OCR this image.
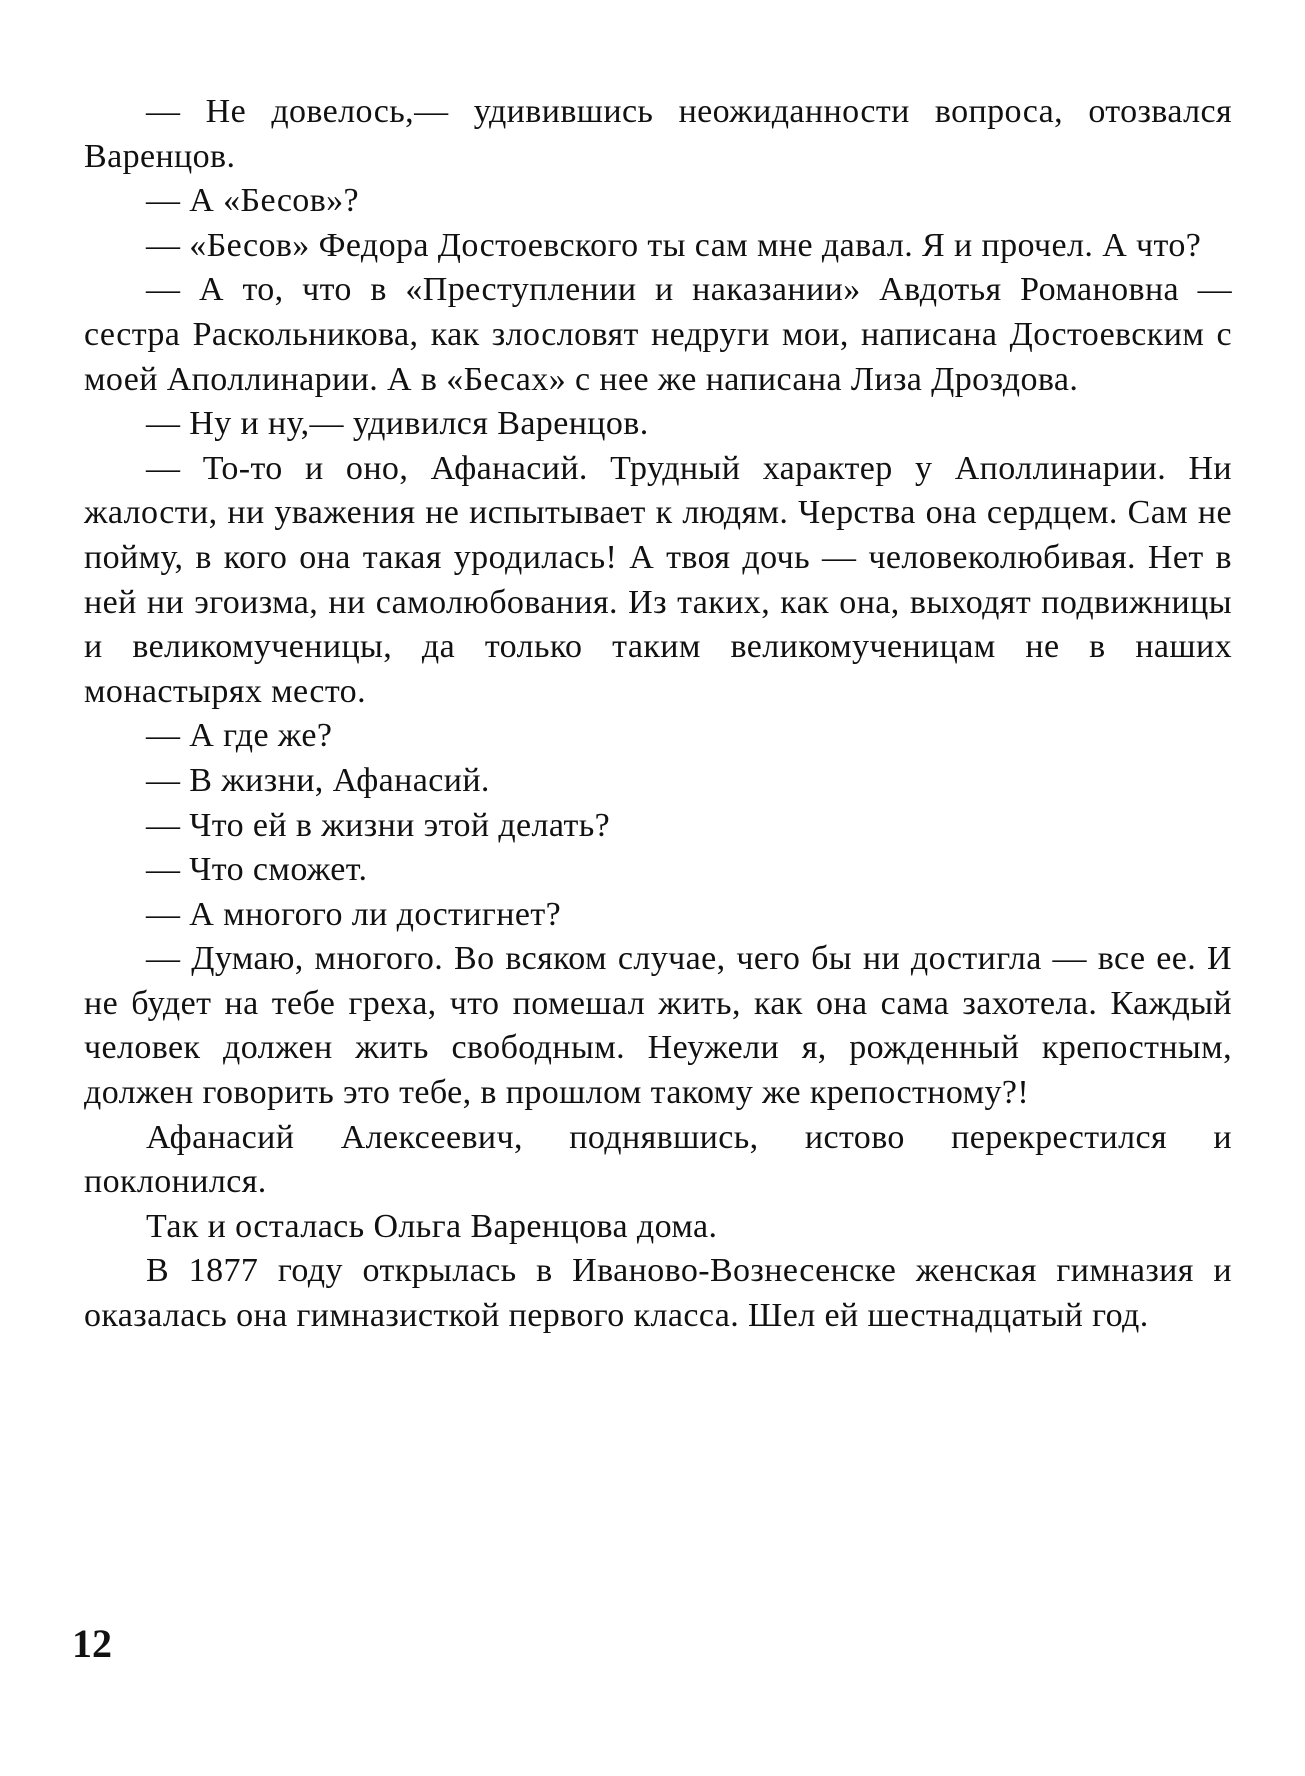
— Не довелось,— удивившись неожиданности вопроса, отозвался Варенцов.

— А «Бесов»?

— «Бесов» Федора Достоевского ты сам мне давал. Я и прочел. А что?

— А то, что в «Преступлении и наказании» Авдотья Романовна — сестра Раскольникова, как злословят недруги мои, написана Достоевским с моей Аполлинарии. А в «Бесах» с нее же написана Лиза Дроздова.

— Ну и ну,— удивился Варенцов.

— То-то и оно, Афанасий. Трудный характер у Аполлинарии. Ни жалости, ни уважения не испытывает к людям. Черства она сердцем. Сам не пойму, в кого она такая уродилась! А твоя дочь — человеколюбивая. Нет в ней ни эгоизма, ни самолюбования. Из таких, как она, выходят подвижницы и великомученицы, да только таким великомученицам не в наших монастырях место.

— А где же?

— В жизни, Афанасий.

— Что ей в жизни этой делать?

— Что сможет.

— А многого ли достигнет?

— Думаю, многого. Во всяком случае, чего бы ни достигла — все ее. И не будет на тебе греха, что помешал жить, как она сама захотела. Каждый человек должен жить свободным. Неужели я, рожденный крепостным, должен говорить это тебе, в прошлом такому же крепостному?!

Афанасий Алексеевич, поднявшись, истово перекрестился и поклонился.

Так и осталась Ольга Варенцова дома.

В 1877 году открылась в Иваново-Вознесенске женская гимназия и оказалась она гимназисткой первого класса. Шел ей шестнадцатый год.

12
